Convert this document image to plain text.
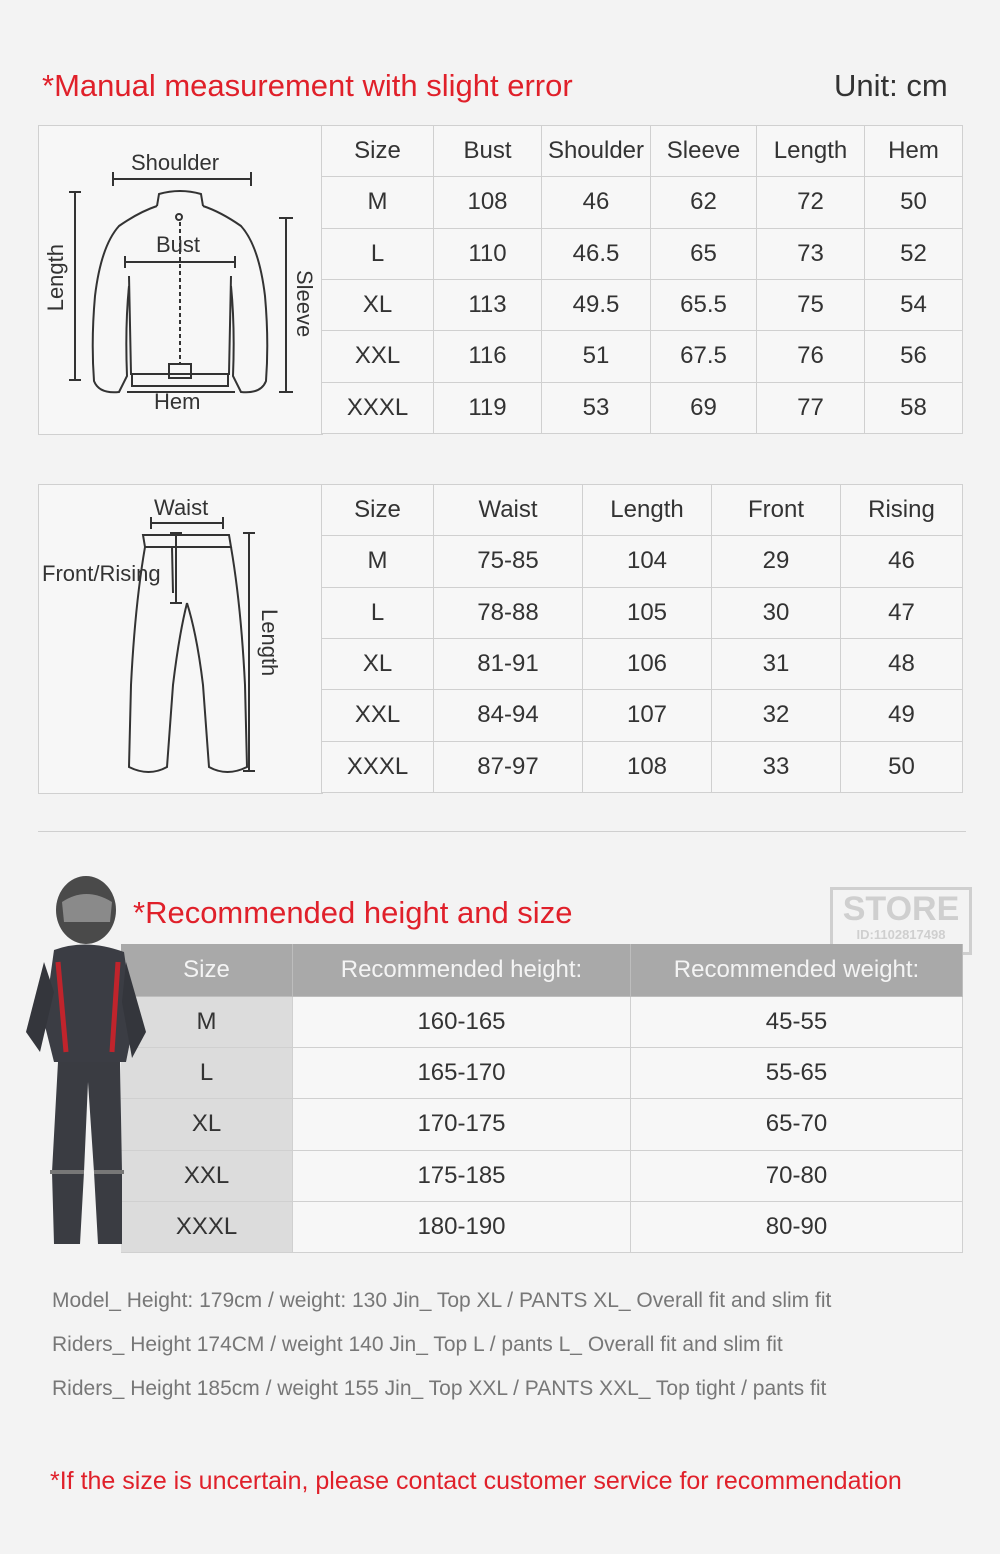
*Manual measurement with slight error	Unit: cm
Shoulder
Bust
Length	Sleeve
Hem
Size	Bust	Shoulder	Sleeve	Length	Hem
M	108	46	62	72	50
L	110	46.5	65	73	52
XL	113	49.5	65.5	75	54
XXL	116	51	67.5	76	56
XXXL	119	53	69	77	58
Waist
Front/Rising
Length
Size	Waist	Length	Front	Rising
M	75-85	104	29	46
L	78-88	105	30	47
XL	81-91	106	31	48
XXL	84-94	107	32	49
XXXL	87-97	108	33	50
*Recommended height and size	STORE
ID:1102817498
Size	Recommended height:	Recommended weight:
M	160-165	45-55
L	165-170	55-65
XL	170-175	65-70
XXL	175-185	70-80
XXXL	180-190	80-90
Model_ Height: 179cm / weight: 130 Jin_ Top XL / PANTS XL_ Overall fit and slim fit
Riders_ Height 174CM / weight 140 Jin_ Top L / pants L_ Overall fit and slim fit
Riders_ Height 185cm / weight 155 Jin_ Top XXL / PANTS XXL_ Top tight / pants fit
*If the size is uncertain, please contact customer service for recommendation
